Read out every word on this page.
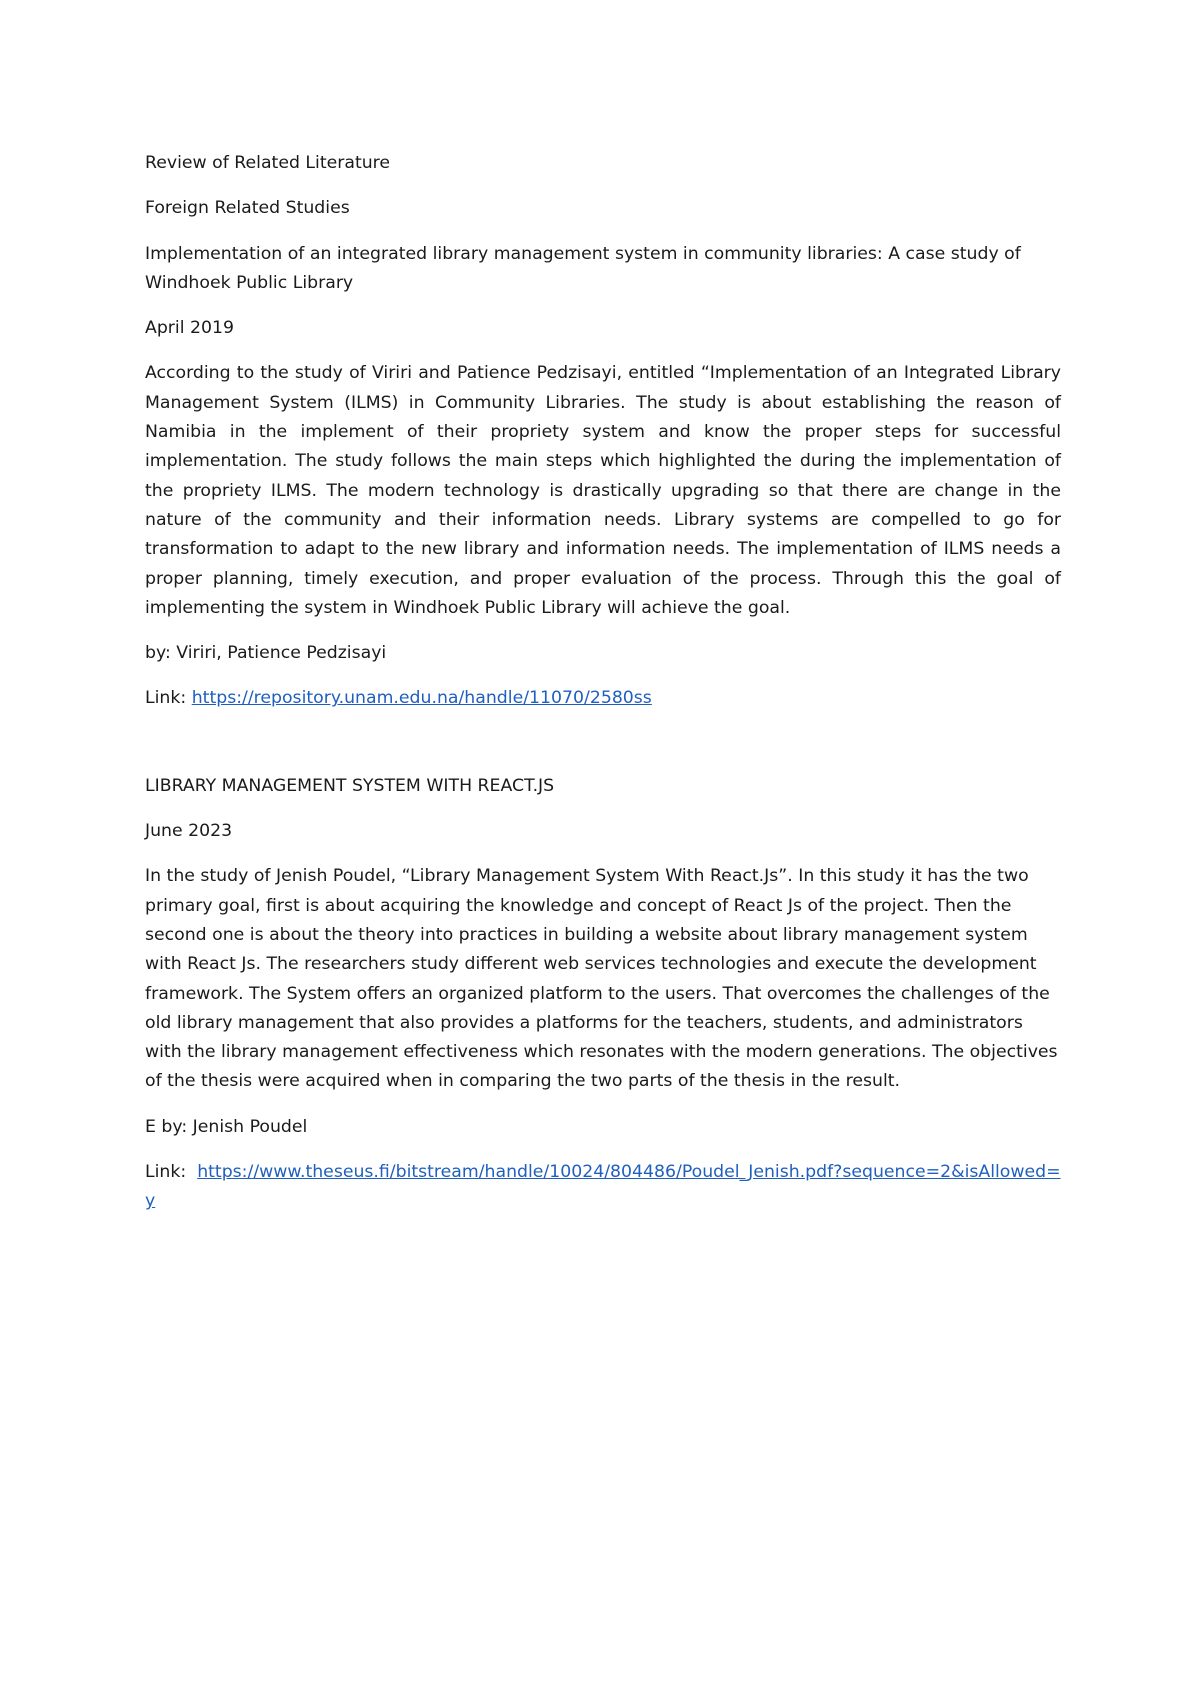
Review of Related Literature

Foreign Related Studies

Implementation of an integrated library management system in community libraries: A case study of Windhoek Public Library

April 2019

According to the study of Viriri and Patience Pedzisayi, entitled “Implementation of an Integrated Library Management System (ILMS) in Community Libraries. The study is about establishing the reason of Namibia in the implement of their propriety system and know the proper steps for successful implementation. The study follows the main steps which highlighted the during the implementation of the propriety ILMS. The modern technology is drastically upgrading so that there are change in the nature of the community and their information needs. Library systems are compelled to go for transformation to adapt to the new library and information needs. The implementation of ILMS needs a proper planning, timely execution, and proper evaluation of the process. Through this the goal of implementing the system in Windhoek Public Library will achieve the goal.

by: Viriri, Patience Pedzisayi

Link: https://repository.unam.edu.na/handle/11070/2580ss

LIBRARY MANAGEMENT SYSTEM WITH REACT.JS

June 2023

In the study of Jenish Poudel, “Library Management System With React.Js”. In this study it has the two primary goal, first is about acquiring the knowledge and concept of React Js of the project. Then the second one is about the theory into practices in building a website about library management system with React Js. The researchers study different web services technologies and execute the development framework. The System offers an organized platform to the users. That overcomes the challenges of the old library management that also provides a platforms for the teachers, students, and administrators with the library management effectiveness which resonates with the modern generations. The objectives of the thesis were acquired when in comparing the two parts of the thesis in the result.

E by: Jenish Poudel

Link:  https://www.theseus.fi/bitstream/handle/10024/804486/Poudel_Jenish.pdf?sequence=2&isAllowed=y
